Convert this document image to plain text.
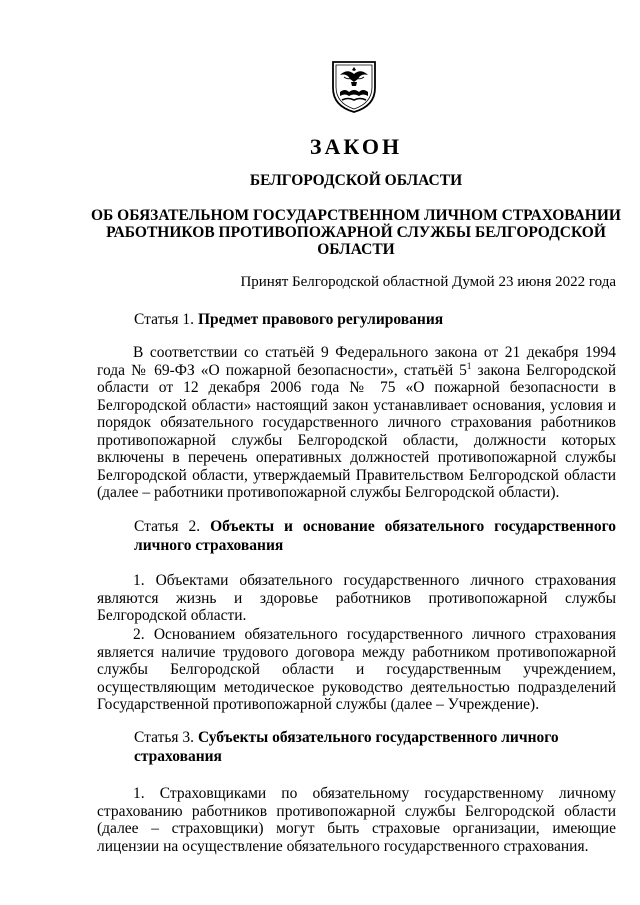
ЗАКОН
БЕЛГОРОДСКОЙ ОБЛАСТИ
ОБ ОБЯЗАТЕЛЬНОМ ГОСУДАРСТВЕННОМ ЛИЧНОМ СТРАХОВАНИИ РАБОТНИКОВ ПРОТИВОПОЖАРНОЙ СЛУЖБЫ БЕЛГОРОДСКОЙ ОБЛАСТИ

Принят Белгородской областной Думой 23 июня 2022 года

Статья 1. Предмет правового регулирования

В соответствии со статьёй 9 Федерального закона от 21 декабря 1994 года № 69-ФЗ «О пожарной безопасности», статьёй $5^1$ закона Белгородской области от 12 декабря 2006 года № 75 «О пожарной безопасности в Белгородской области» настоящий закон устанавливает основания, условия и порядок обязательного государственного личного страхования работников противопожарной службы Белгородской области, должности которых включены в перечень оперативных должностей противопожарной службы Белгородской области, утверждаемый Правительством Белгородской области (далее – работники противопожарной службы Белгородской области).

Статья 2. Объекты и основание обязательного государственного личного страхования

1. Объектами обязательного государственного личного страхования являются жизнь и здоровье работников противопожарной службы Белгородской области.

2. Основанием обязательного государственного личного страхования является наличие трудового договора между работником противопожарной службы Белгородской области и государственным учреждением, осуществляющим методическое руководство деятельностью подразделений Государственной противопожарной службы (далее – Учреждение).

Статья 3. Субъекты обязательного государственного личного страхования

1. Страховщиками по обязательному государственному личному страхованию работников противопожарной службы Белгородской области (далее – страховщики) могут быть страховые организации, имеющие лицензии на осуществление обязательного государственного страхования.
